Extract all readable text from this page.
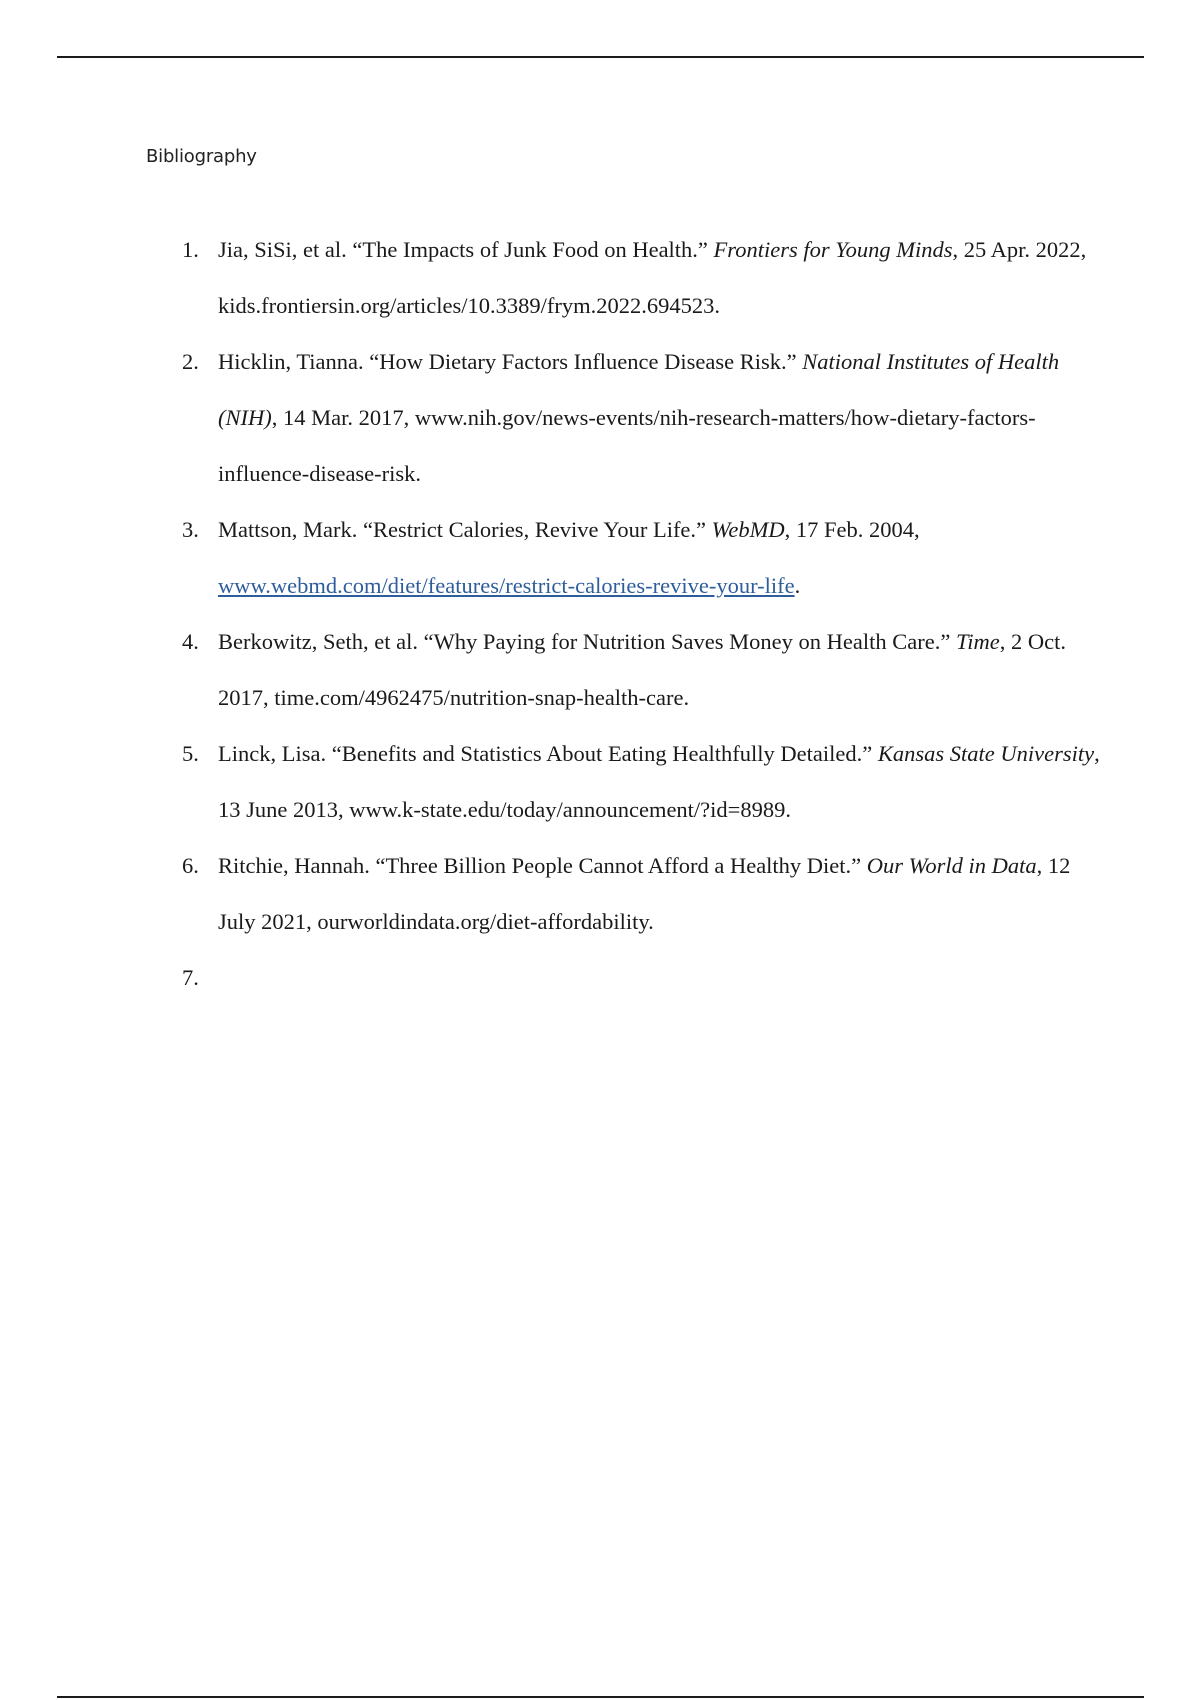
Bibliography
1. Jia, SiSi, et al. “The Impacts of Junk Food on Health.” Frontiers for Young Minds, 25 Apr. 2022, kids.frontiersin.org/articles/10.3389/frym.2022.694523.
2. Hicklin, Tianna. “How Dietary Factors Influence Disease Risk.” National Institutes of Health (NIH), 14 Mar. 2017, www.nih.gov/news-events/nih-research-matters/how-dietary-factors-influence-disease-risk.
3. Mattson, Mark. “Restrict Calories, Revive Your Life.” WebMD, 17 Feb. 2004, www.webmd.com/diet/features/restrict-calories-revive-your-life.
4. Berkowitz, Seth, et al. “Why Paying for Nutrition Saves Money on Health Care.” Time, 2 Oct. 2017, time.com/4962475/nutrition-snap-health-care.
5. Linck, Lisa. “Benefits and Statistics About Eating Healthfully Detailed.” Kansas State University, 13 June 2013, www.k-state.edu/today/announcement/?id=8989.
6. Ritchie, Hannah. “Three Billion People Cannot Afford a Healthy Diet.” Our World in Data, 12 July 2021, ourworldindata.org/diet-affordability.
7.
